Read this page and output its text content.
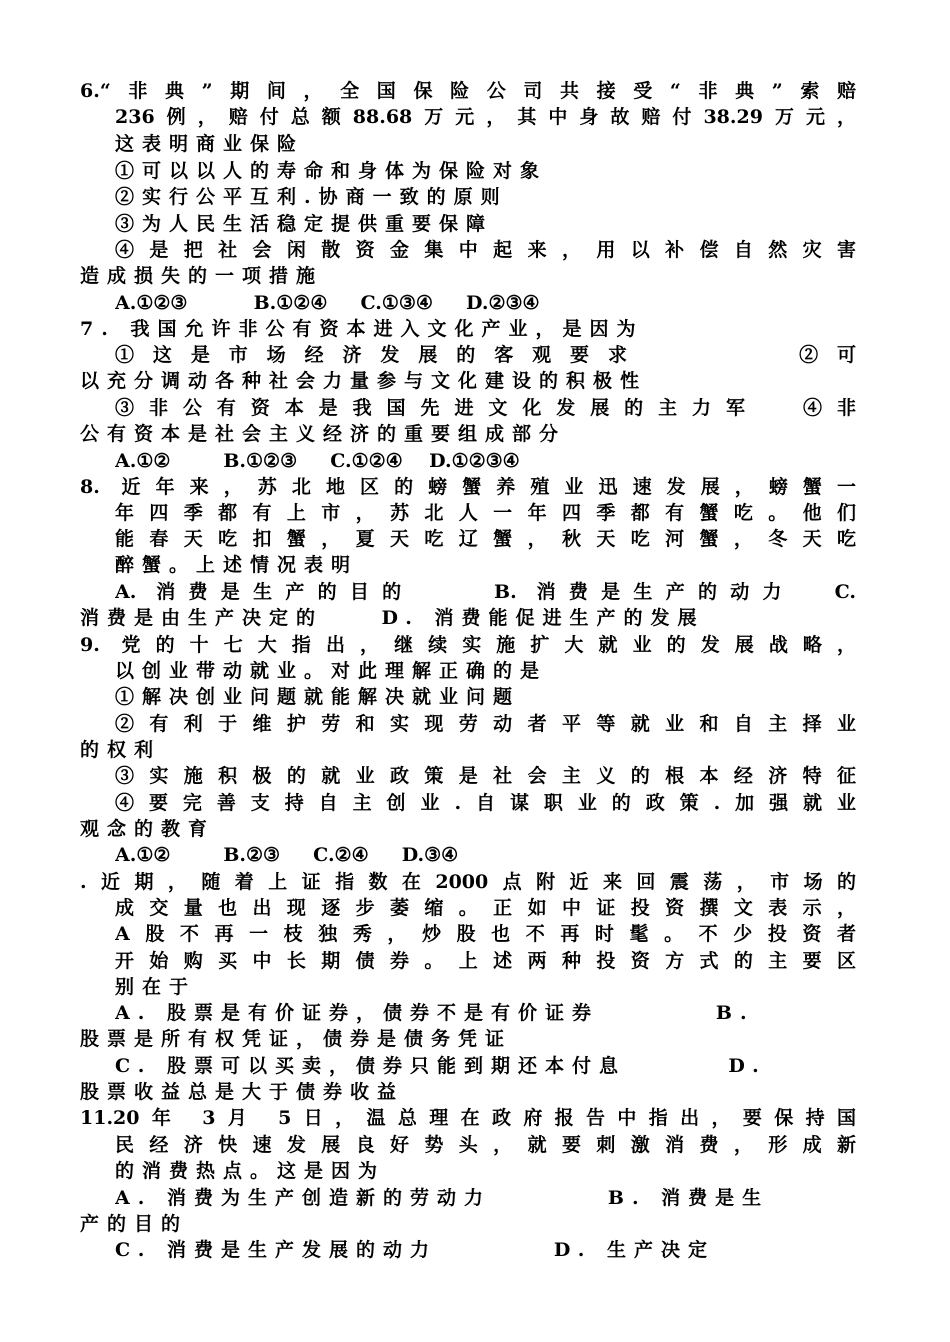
6.“非典”期间，全国保险公司共接受“非典”索赔
236例，赔付总额88.68万元，其中身故赔付38.29万元，
这表明商业保险
①可以以人的寿命和身体为保险对象
②实行公平互利.协商一致的原则
③为人民生活稳定提供重要保障
④是把社会闲散资金集中起来，用以补偿自然灾害
造成损失的一项措施
A.①②③          B.①②④     C.①③④     D.②③④
7. 我国允许非公有资本进入文化产业，是因为
①这是市场经济发展的客观要求      ②可
以充分调动各种社会力量参与文化建设的积极性
③非公有资本是我国先进文化发展的主力军  ④非
公有资本是社会主义经济的重要组成部分
A.①②        B.①②③     C.①②④    D.①②③④
8. 近年来，苏北地区的螃蟹养殖业迅速发展，螃蟹一
年四季都有上市，苏北人一年四季都有蟹吃。他们
能春天吃扣蟹，夏天吃辽蟹，秋天吃河蟹，冬天吃
醉蟹。上述情况表明
A. 消费是生产的目的    B. 消费是生产的动力  C.
消费是由生产决定的    D. 消费能促进生产的发展
9. 党的十七大指出，继续实施扩大就业的发展战略，
以创业带动就业。对此理解正确的是
①解决创业问题就能解决就业问题
②有利于维护劳和实现劳动者平等就业和自主择业
的权利
③实施积极的就业政策是社会主义的根本经济特征
④要完善支持自主创业.自谋职业的政策.加强就业
观念的教育
A.①②        B.②③     C.②④     D.③④
.近期，随着上证指数在2000点附近来回震荡，市场的
成交量也出现逐步萎缩。正如中证投资撰文表示，
A股不再一枝独秀，炒股也不再时髦。不少投资者
开始购买中长期债券。上述两种投资方式的主要区
别在于
A. 股票是有价证券，债券不是有价证券        B.
股票是所有权凭证，债券是债务凭证
C. 股票可以买卖，债券只能到期还本付息       D.
股票收益总是大于债券收益
11.20年 3月 5日，温总理在政府报告中指出，要保持国
民经济快速发展良好势头，就要刺激消费，形成新
的消费热点。这是因为
A. 消费为生产创造新的劳动力        B. 消费是生
产的目的
C. 消费是生产发展的动力        D. 生产决定
